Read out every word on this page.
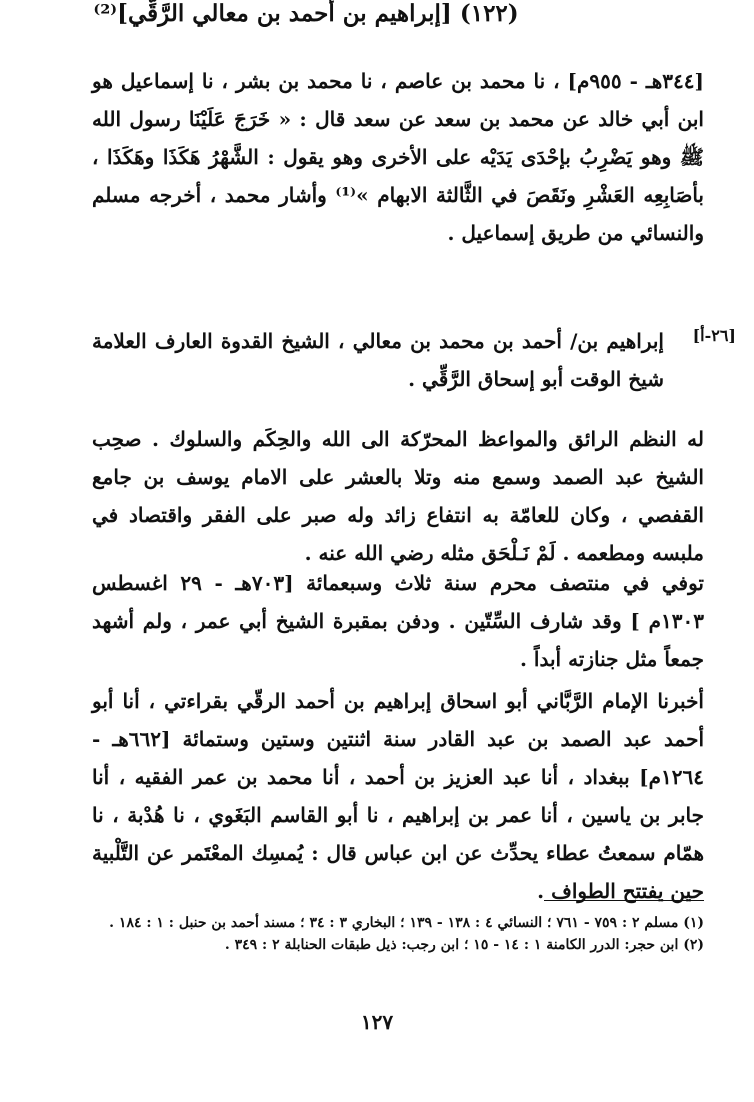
[٣٤٤هـ - ٩٥٥م] ، نا محمد بن عاصم ، نا محمد بن بشر ، نا إسماعيل هو ابن أبي خالد عن محمد بن سعد عن سعد قال : « خَرَجَ عَلَيْنَا رسول الله ﷺ وهو يَضْرِبُ بإحْدَى يَدَيْه على الأخرى وهو يقول : الشَّهْرُ هَكَذَا وهَكَذَا ، بأصَابِعِه العَشْرِ ونَقَصَ في الثَّالثة الابهام »⁽¹⁾ وأشار محمد ، أخرجه مسلم والنسائي من طريق إسماعيل .

(١٢٢) [إبراهيم بن أحمد بن معالي الرَّقِّي]⁽²⁾
[٢٦-أ]

إبراهيم بن/ أحمد بن محمد بن معالي ، الشيخ القدوة العارف العلامة شيخ الوقت أبو إسحاق الرَّقِّي .

له النظم الرائق والمواعظ المحرّكة الى الله والحِكَم والسلوك . صحِب الشيخ عبد الصمد وسمع منه وتلا بالعشر على الامام يوسف بن جامع القفصي ، وكان للعامّة به انتفاع زائد وله صبر على الفقر واقتصاد في ملبسه ومطعمه . لَمْ نَـلْحَق مثله رضي الله عنه .

توفي في منتصف محرم سنة ثلاث وسبعمائة [٧٠٣هـ - ٢٩ اغسطس ١٣٠٣م ] وقد شارف السِّتّين . ودفن بمقبرة الشيخ أبي عمر ، ولم أشهد جمعاً مثل جنازته أبداً .

أخبرنا الإمام الرَّبَّاني أبو اسحاق إبراهيم بن أحمد الرقّي بقراءتي ، أنا أبو أحمد عبد الصمد بن عبد القادر سنة اثنتين وستين وستمائة [٦٦٢هـ - ١٢٦٤م] ببغداد ، أنا عبد العزيز بن أحمد ، أنا محمد بن عمر الفقيه ، أنا جابر بن ياسين ، أنا عمر بن إبراهيم ، نا أبو القاسم البَغَوي ، نا هُدْبة ، نا همّام سمعتُ عطاء يحدِّث عن ابن عباس قال : يُمسِك المعْتَمر عن التَّلْبية حين يفتتح الطواف .

(١) مسلم ٢ : ٧٥٩ - ٧٦١ ؛ النسائي ٤ : ١٣٨ - ١٣٩ ؛ البخاري ٣ : ٣٤ ؛ مسند أحمد بن حنبل : ١ : ١٨٤ .
(٢) ابن حجر: الدرر الكامنة ١ : ١٤ - ١٥ ؛ ابن رجب: ذيل طبقات الحنابلة ٢ : ٣٤٩ .
١٢٧
